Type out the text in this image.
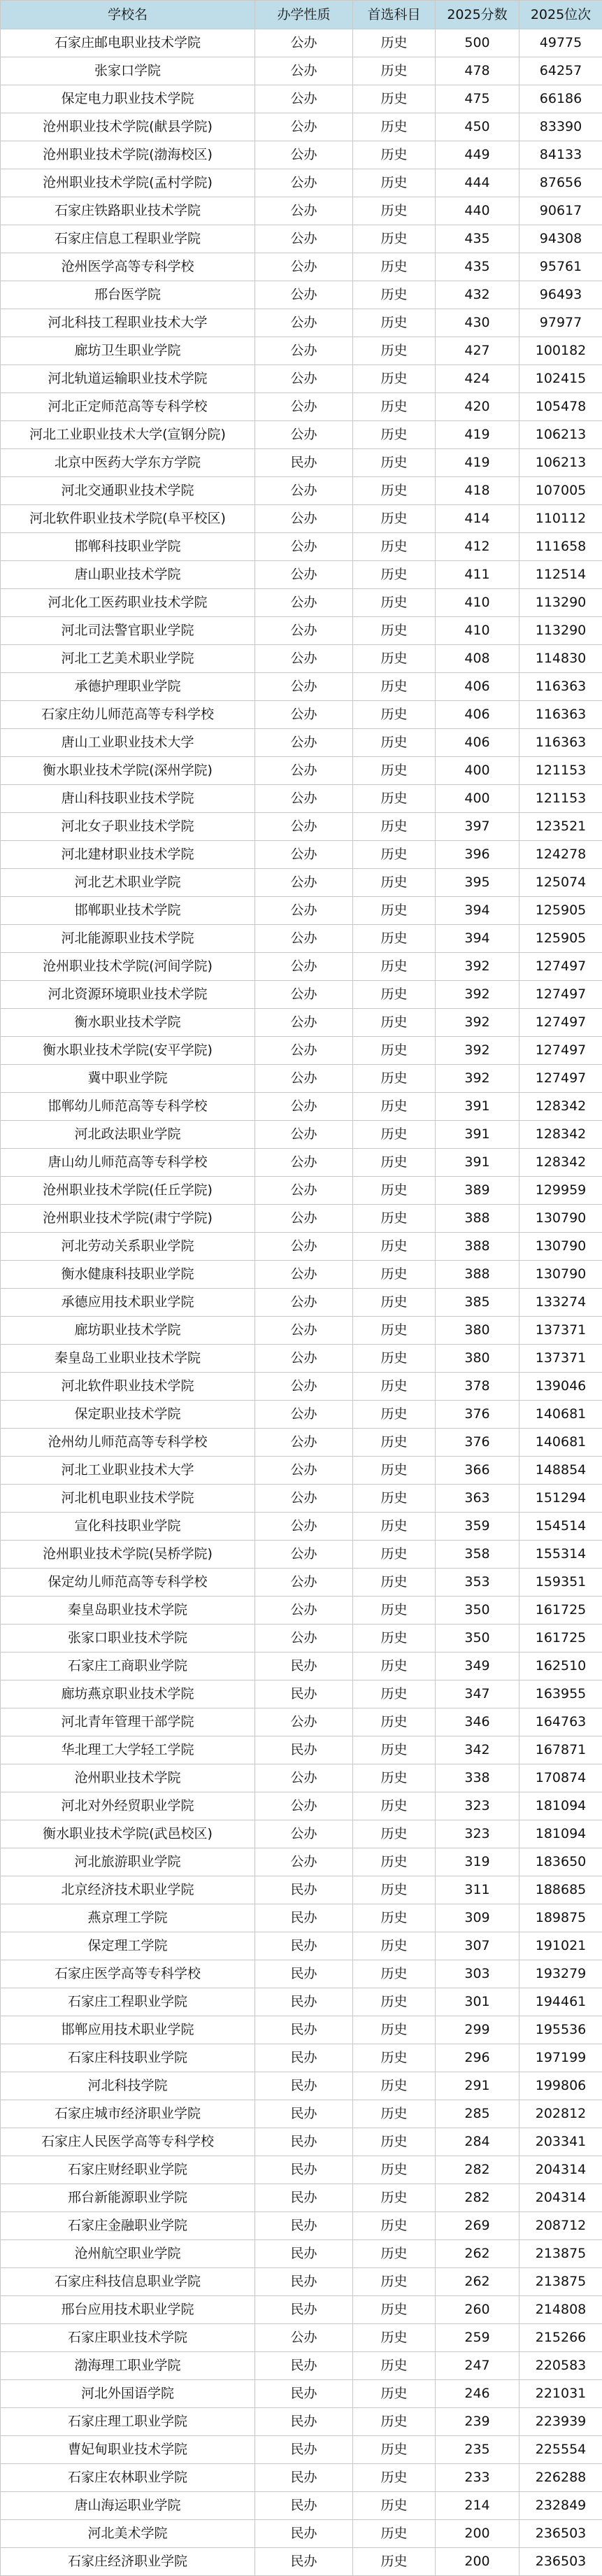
学校名	办学性质	首选科目	2025分数	2025位次
石家庄邮电职业技术学院	公办	历史	500	49775
张家口学院	公办	历史	478	64257
保定电力职业技术学院	公办	历史	475	66186
沧州职业技术学院(献县学院)	公办	历史	450	83390
沧州职业技术学院(渤海校区)	公办	历史	449	84133
沧州职业技术学院(孟村学院)	公办	历史	444	87656
石家庄铁路职业技术学院	公办	历史	440	90617
石家庄信息工程职业学院	公办	历史	435	94308
沧州医学高等专科学校	公办	历史	435	95761
邢台医学院	公办	历史	432	96493
河北科技工程职业技术大学	公办	历史	430	97977
廊坊卫生职业学院	公办	历史	427	100182
河北轨道运输职业技术学院	公办	历史	424	102415
河北正定师范高等专科学校	公办	历史	420	105478
河北工业职业技术大学(宣钢分院)	公办	历史	419	106213
北京中医药大学东方学院	民办	历史	419	106213
河北交通职业技术学院	公办	历史	418	107005
河北软件职业技术学院(阜平校区)	公办	历史	414	110112
邯郸科技职业学院	公办	历史	412	111658
唐山职业技术学院	公办	历史	411	112514
河北化工医药职业技术学院	公办	历史	410	113290
河北司法警官职业学院	公办	历史	410	113290
河北工艺美术职业学院	公办	历史	408	114830
承德护理职业学院	公办	历史	406	116363
石家庄幼儿师范高等专科学校	公办	历史	406	116363
唐山工业职业技术大学	公办	历史	406	116363
衡水职业技术学院(深州学院)	公办	历史	400	121153
唐山科技职业技术学院	公办	历史	400	121153
河北女子职业技术学院	公办	历史	397	123521
河北建材职业技术学院	公办	历史	396	124278
河北艺术职业学院	公办	历史	395	125074
邯郸职业技术学院	公办	历史	394	125905
河北能源职业技术学院	公办	历史	394	125905
沧州职业技术学院(河间学院)	公办	历史	392	127497
河北资源环境职业技术学院	公办	历史	392	127497
衡水职业技术学院	公办	历史	392	127497
衡水职业技术学院(安平学院)	公办	历史	392	127497
冀中职业学院	公办	历史	392	127497
邯郸幼儿师范高等专科学校	公办	历史	391	128342
河北政法职业学院	公办	历史	391	128342
唐山幼儿师范高等专科学校	公办	历史	391	128342
沧州职业技术学院(任丘学院)	公办	历史	389	129959
沧州职业技术学院(肃宁学院)	公办	历史	388	130790
河北劳动关系职业学院	公办	历史	388	130790
衡水健康科技职业学院	公办	历史	388	130790
承德应用技术职业学院	公办	历史	385	133274
廊坊职业技术学院	公办	历史	380	137371
秦皇岛工业职业技术学院	公办	历史	380	137371
河北软件职业技术学院	公办	历史	378	139046
保定职业技术学院	公办	历史	376	140681
沧州幼儿师范高等专科学校	公办	历史	376	140681
河北工业职业技术大学	公办	历史	366	148854
河北机电职业技术学院	公办	历史	363	151294
宣化科技职业学院	公办	历史	359	154514
沧州职业技术学院(吴桥学院)	公办	历史	358	155314
保定幼儿师范高等专科学校	公办	历史	353	159351
秦皇岛职业技术学院	公办	历史	350	161725
张家口职业技术学院	公办	历史	350	161725
石家庄工商职业学院	民办	历史	349	162510
廊坊燕京职业技术学院	民办	历史	347	163955
河北青年管理干部学院	公办	历史	346	164763
华北理工大学轻工学院	民办	历史	342	167871
沧州职业技术学院	公办	历史	338	170874
河北对外经贸职业学院	公办	历史	323	181094
衡水职业技术学院(武邑校区)	公办	历史	323	181094
河北旅游职业学院	公办	历史	319	183650
北京经济技术职业学院	民办	历史	311	188685
燕京理工学院	民办	历史	309	189875
保定理工学院	民办	历史	307	191021
石家庄医学高等专科学校	民办	历史	303	193279
石家庄工程职业学院	民办	历史	301	194461
邯郸应用技术职业学院	民办	历史	299	195536
石家庄科技职业学院	民办	历史	296	197199
河北科技学院	民办	历史	291	199806
石家庄城市经济职业学院	民办	历史	285	202812
石家庄人民医学高等专科学校	民办	历史	284	203341
石家庄财经职业学院	民办	历史	282	204314
邢台新能源职业学院	民办	历史	282	204314
石家庄金融职业学院	民办	历史	269	208712
沧州航空职业学院	民办	历史	262	213875
石家庄科技信息职业学院	民办	历史	262	213875
邢台应用技术职业学院	民办	历史	260	214808
石家庄职业技术学院	公办	历史	259	215266
渤海理工职业学院	民办	历史	247	220583
河北外国语学院	民办	历史	246	221031
石家庄理工职业学院	民办	历史	239	223939
曹妃甸职业技术学院	民办	历史	235	225554
石家庄农林职业学院	民办	历史	233	226288
唐山海运职业学院	民办	历史	214	232849
河北美术学院	民办	历史	200	236503
石家庄经济职业学院	民办	历史	200	236503
